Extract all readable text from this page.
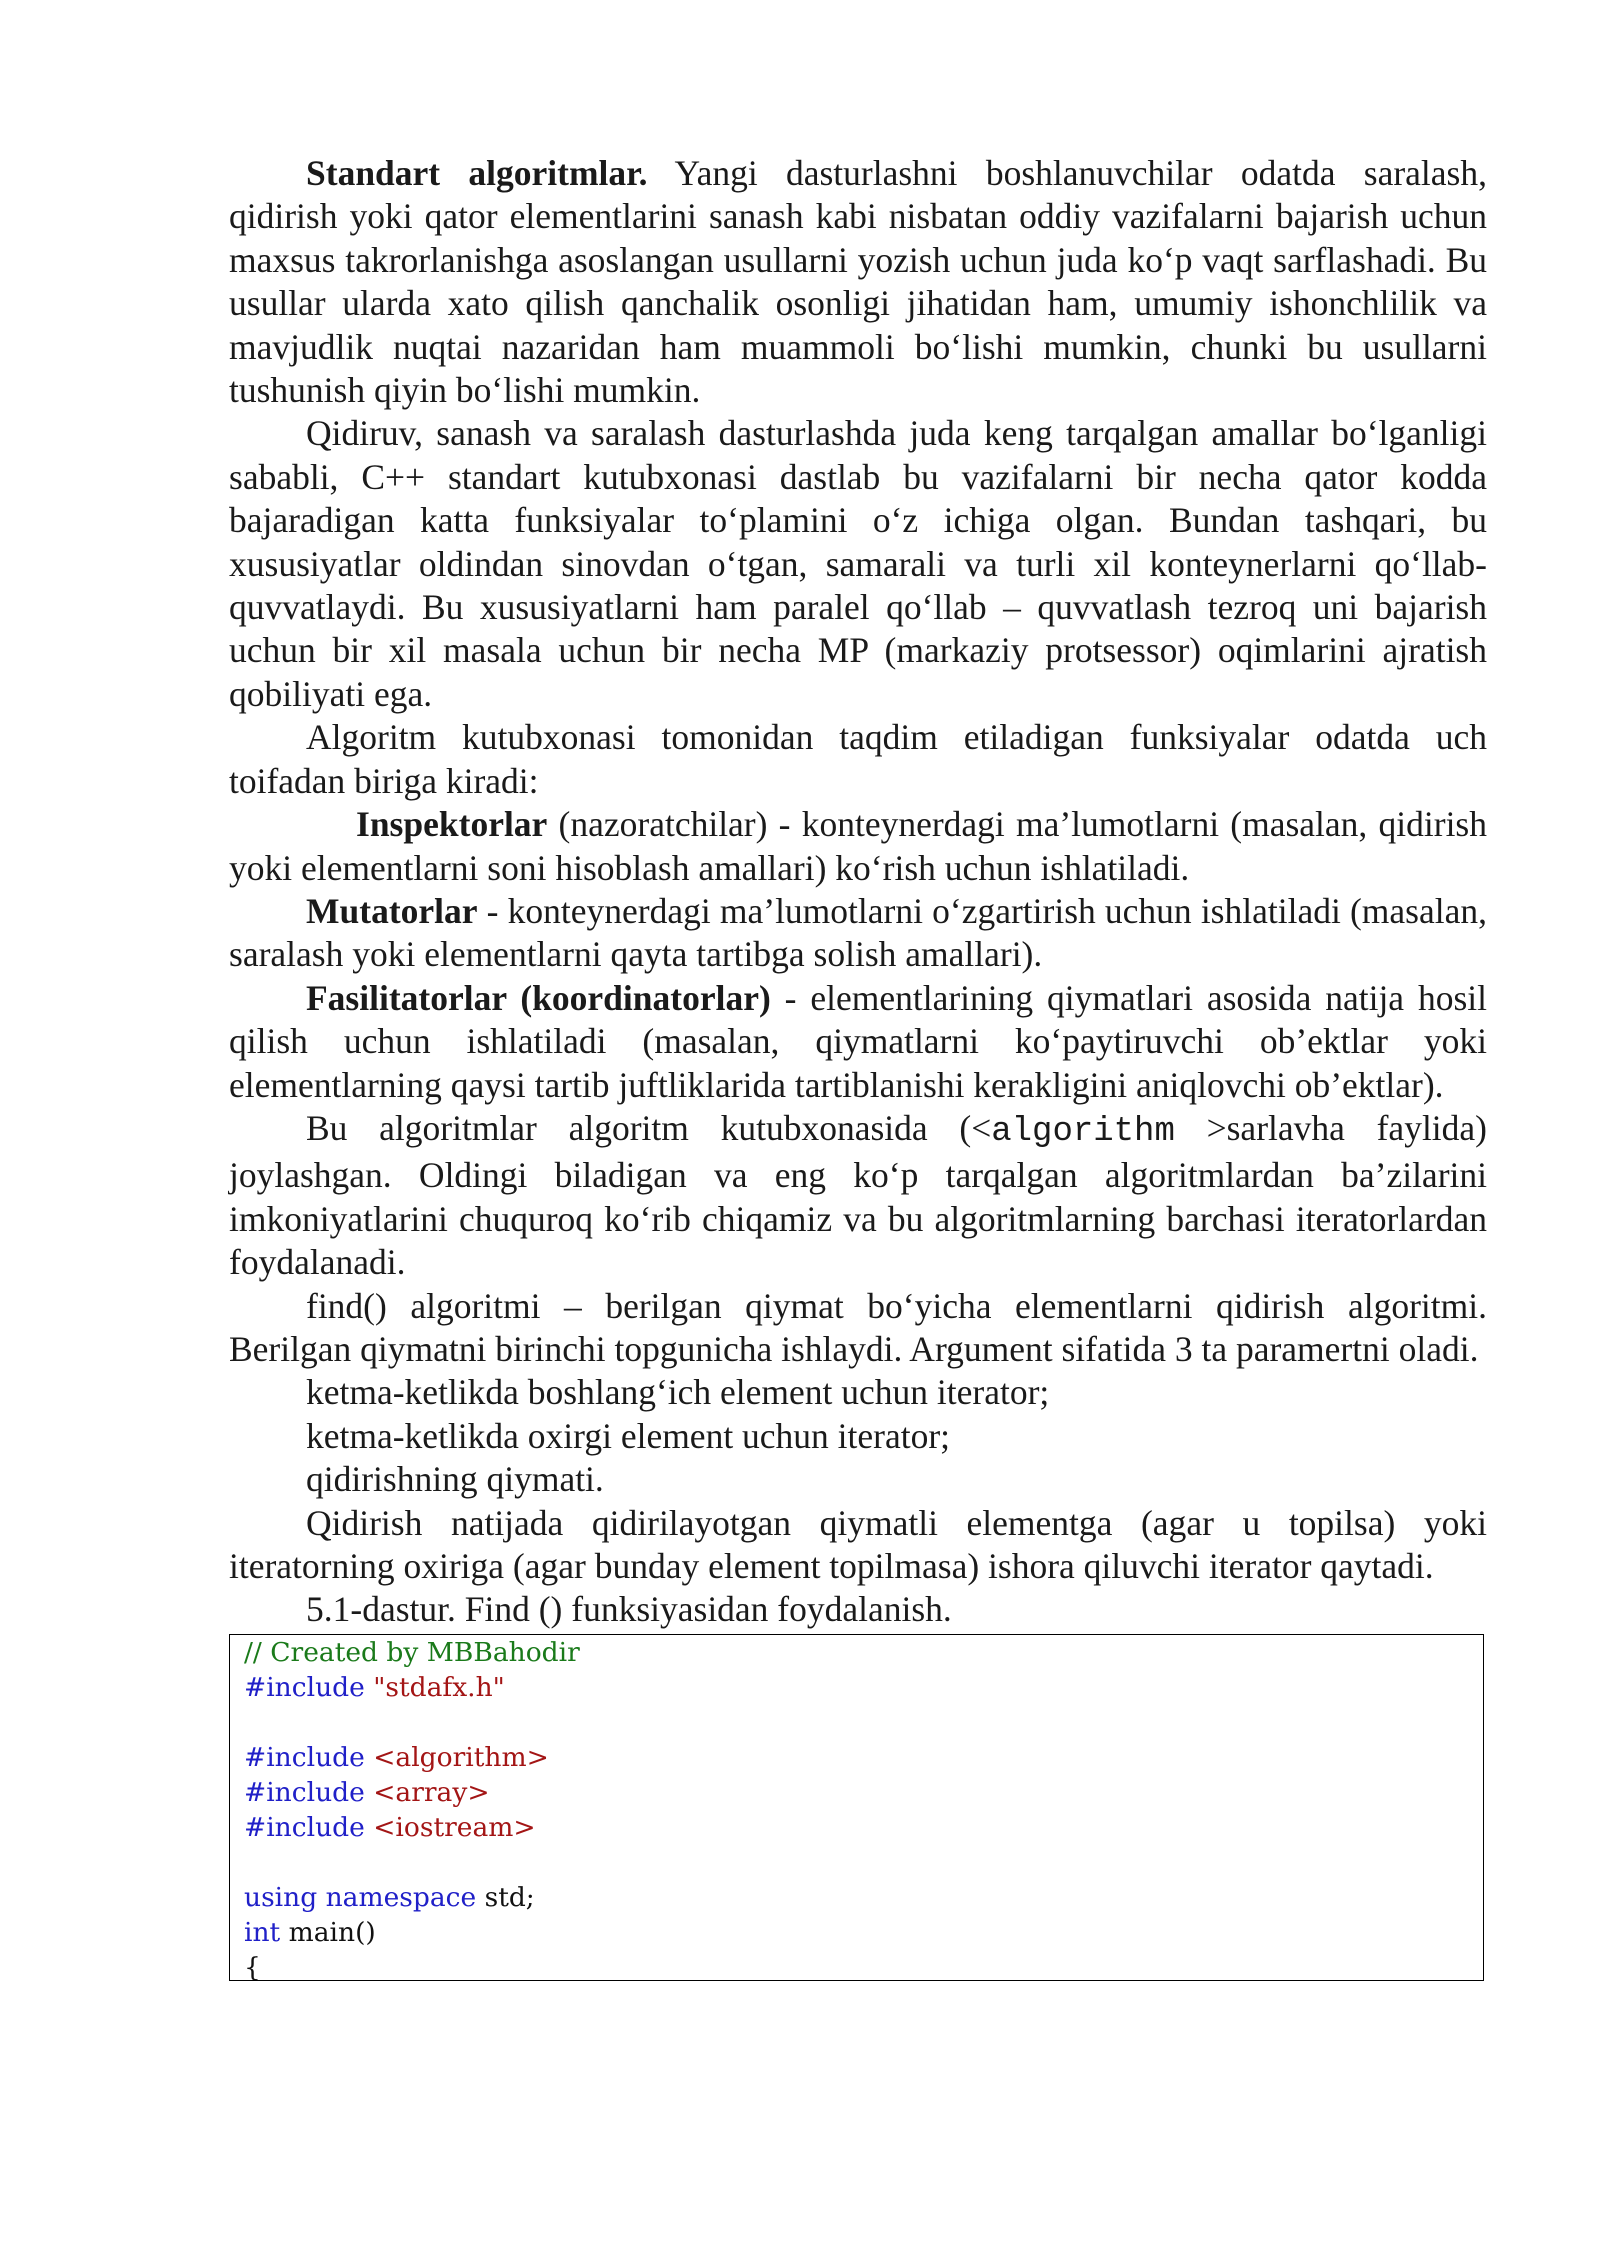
Standart algoritmlar. Yangi dasturlashni boshlanuvchilar odatda saralash, qidirish yoki qator elementlarini sanash kabi nisbatan oddiy vazifalarni bajarish uchun maxsus takrorlanishga asoslangan usullarni yozish uchun juda ko‘p vaqt sarflashadi. Bu usullar ularda xato qilish qanchalik osonligi jihatidan ham, umumiy ishonchlilik va mavjudlik nuqtai nazaridan ham muammoli bo‘lishi mumkin, chunki bu usullarni tushunish qiyin bo‘lishi mumkin.

Qidiruv, sanash va saralash dasturlashda juda keng tarqalgan amallar bo‘lganligi sababli, C++ standart kutubxonasi dastlab bu vazifalarni bir necha qator kodda bajaradigan katta funksiyalar to‘plamini o‘z ichiga olgan. Bundan tashqari, bu xususiyatlar oldindan sinovdan o‘tgan, samarali va turli xil konteynerlarni qo‘llab-quvvatlaydi. Bu xususiyatlarni ham paralel qo‘llab – quvvatlash tezroq uni bajarish uchun bir xil masala uchun bir necha MP (markaziy protsessor) oqimlarini ajratish qobiliyati ega.

Algoritm kutubxonasi tomonidan taqdim etiladigan funksiyalar odatda uch toifadan biriga kiradi:

Inspektorlar (nazoratchilar) - konteynerdagi ma’lumotlarni (masalan, qidirish yoki elementlarni soni hisoblash amallari) ko‘rish uchun ishlatiladi.

Mutatorlar - konteynerdagi ma’lumotlarni o‘zgartirish uchun ishlatiladi (masalan, saralash yoki elementlarni qayta tartibga solish amallari).

Fasilitatorlar (koordinatorlar) - elementlarining qiymatlari asosida natija hosil qilish uchun ishlatiladi (masalan, qiymatlarni ko‘paytiruvchi ob’ektlar yoki elementlarning qaysi tartib juftliklarida tartiblanishi kerakligini aniqlovchi ob’ektlar).

Bu algoritmlar algoritm kutubxonasida (<algorithm >sarlavha faylida) joylashgan. Oldingi biladigan va eng ko‘p tarqalgan algoritmlardan ba’zilarini imkoniyatlarini chuquroq ko‘rib chiqamiz va bu algoritmlarning barchasi iteratorlardan foydalanadi.

find() algoritmi – berilgan qiymat bo‘yicha elementlarni qidirish algoritmi. Berilgan qiymatni birinchi topgunicha ishlaydi. Argument sifatida 3 ta paramertni oladi.

ketma-ketlikda boshlang‘ich element uchun iterator;

ketma-ketlikda oxirgi element uchun iterator;

qidirishning qiymati.

Qidirish natijada qidirilayotgan qiymatli elementga (agar u topilsa) yoki iteratorning oxiriga (agar bunday element topilmasa) ishora qiluvchi iterator qaytadi.

5.1-dastur. Find () funksiyasidan foydalanish.

// Created by MBBahodir
#include "stdafx.h"
#include <algorithm>
#include <array>
#include <iostream>
using namespace std;
int main()
{
